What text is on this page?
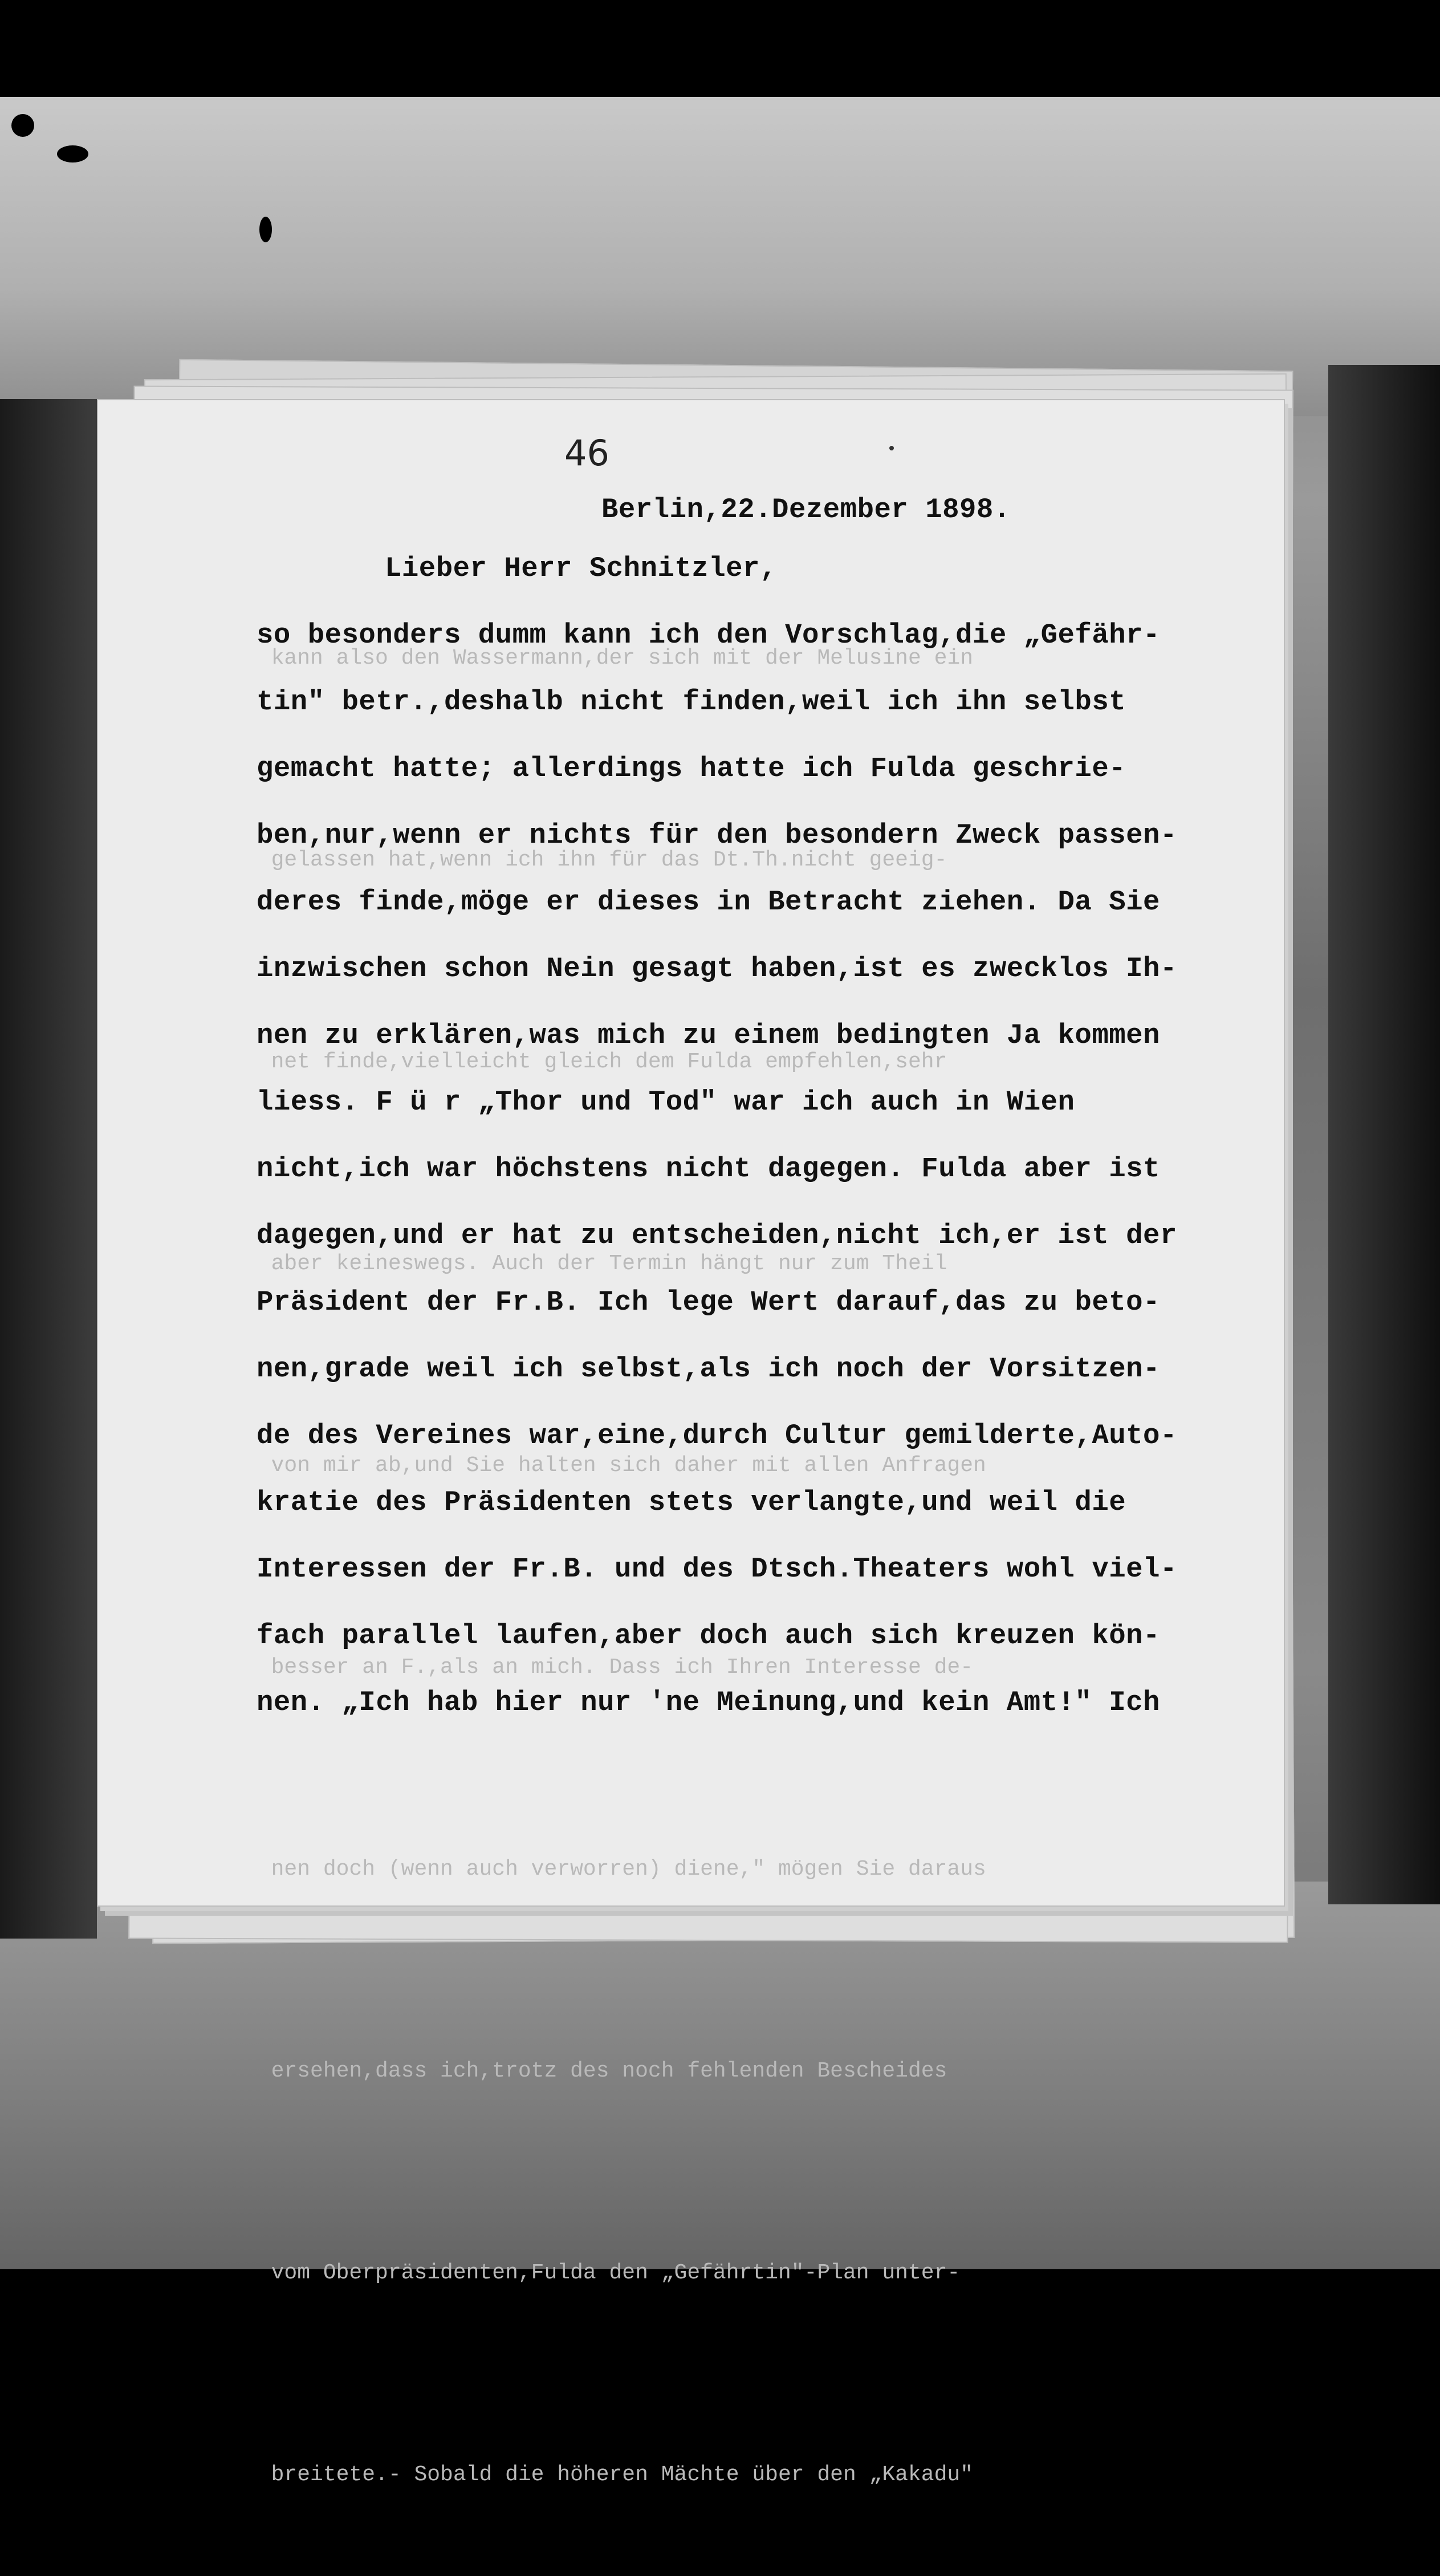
kann also den Wassermann,der sich mit der Melusine ein

gelassen hat,wenn ich ihn für das Dt.Th.nicht geeig-

net finde,vielleicht gleich dem Fulda empfehlen,sehr

aber keineswegs. Auch der Termin hängt nur zum Theil

von mir ab,und Sie halten sich daher mit allen Anfragen

besser an F.,als an mich. Dass ich Ihren Interesse de-

nen doch (wenn auch verworren) diene," mögen Sie daraus

ersehen,dass ich,trotz des noch fehlenden Bescheides

vom Oberpräsidenten,Fulda den „Gefährtin"-Plan unter-

breitete.- Sobald die höheren Mächte über den „Kakadu"

46
Berlin,22.Dezember 1898.
Lieber Herr Schnitzler,
so besonders dumm kann ich den Vorschlag,die „Gefähr-
tin" betr.,deshalb nicht finden,weil ich ihn selbst
gemacht hatte; allerdings hatte ich Fulda geschrie-
ben,nur,wenn er nichts für den besondern Zweck passen-
deres finde,möge er dieses in Betracht ziehen. Da Sie
inzwischen schon Nein gesagt haben,ist es zwecklos Ih-
nen zu erklären,was mich zu einem bedingten Ja kommen
liess. F ü r „Thor und Tod" war ich auch in Wien
nicht,ich war höchstens nicht dagegen. Fulda aber ist
dagegen,und er hat zu entscheiden,nicht ich,er ist der
Präsident der Fr.B. Ich lege Wert darauf,das zu beto-
nen,grade weil ich selbst,als ich noch der Vorsitzen-
de des Vereines war,eine,durch Cultur gemilderte,Auto-
kratie des Präsidenten stets verlangte,und weil die
Interessen der Fr.B. und des Dtsch.Theaters wohl viel-
fach parallel laufen,aber doch auch sich kreuzen kön-
nen. „Ich hab hier nur 'ne Meinung,und kein Amt!" Ich
